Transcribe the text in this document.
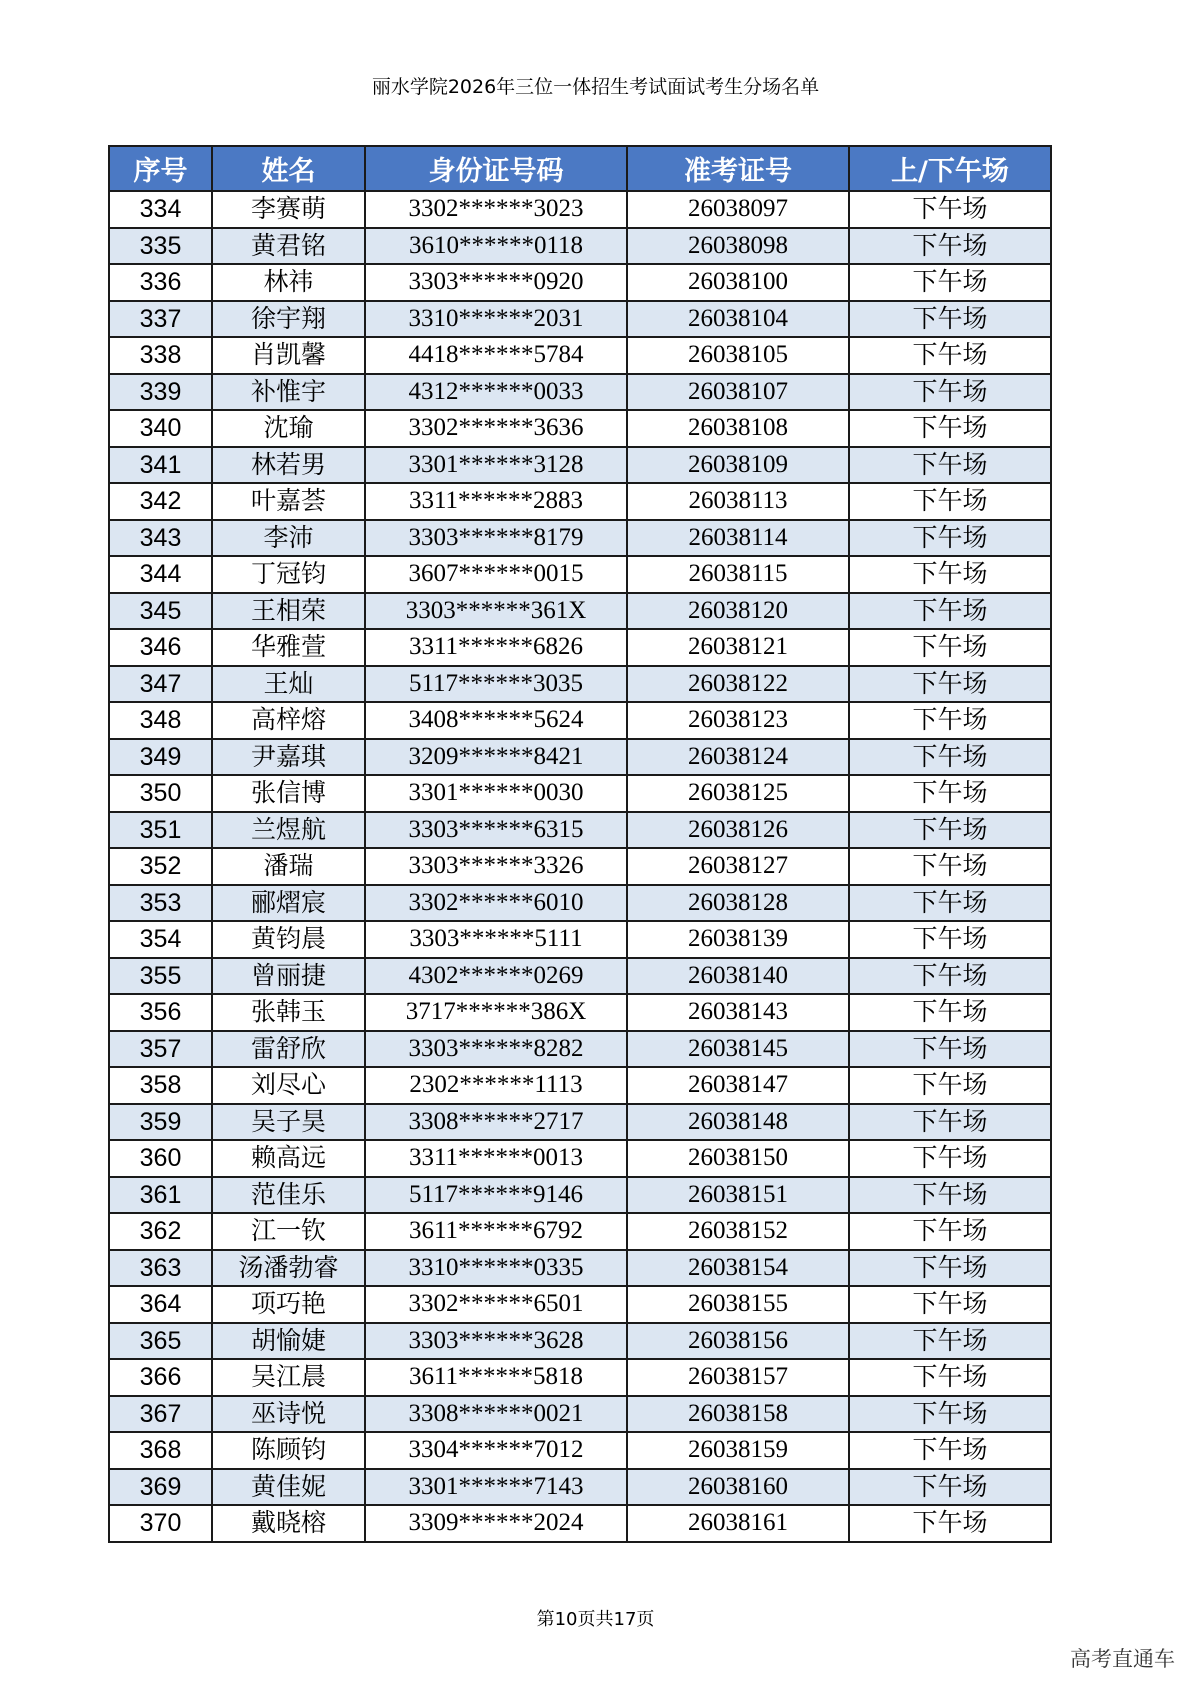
丽水学院2026年三位一体招生考试面试考生分场名单
序号	姓名	身份证号码	准考证号	上/下午场
334	李赛萌	3302******3023	26038097	下午场
335	黄君铭	3610******0118	26038098	下午场
336	林祎	3303******0920	26038100	下午场
337	徐宇翔	3310******2031	26038104	下午场
338	肖凯馨	4418******5784	26038105	下午场
339	补惟宇	4312******0033	26038107	下午场
340	沈瑜	3302******3636	26038108	下午场
341	林若男	3301******3128	26038109	下午场
342	叶嘉荟	3311******2883	26038113	下午场
343	李沛	3303******8179	26038114	下午场
344	丁冠钧	3607******0015	26038115	下午场
345	王相荣	3303******361X	26038120	下午场
346	华雅萱	3311******6826	26038121	下午场
347	王灿	5117******3035	26038122	下午场
348	高梓熔	3408******5624	26038123	下午场
349	尹嘉琪	3209******8421	26038124	下午场
350	张信博	3301******0030	26038125	下午场
351	兰煜航	3303******6315	26038126	下午场
352	潘瑞	3303******3326	26038127	下午场
353	郦熠宸	3302******6010	26038128	下午场
354	黄钧晨	3303******5111	26038139	下午场
355	曾丽捷	4302******0269	26038140	下午场
356	张韩玉	3717******386X	26038143	下午场
357	雷舒欣	3303******8282	26038145	下午场
358	刘尽心	2302******1113	26038147	下午场
359	吴子昊	3308******2717	26038148	下午场
360	赖高远	3311******0013	26038150	下午场
361	范佳乐	5117******9146	26038151	下午场
362	江一钦	3611******6792	26038152	下午场
363	汤潘勃睿	3310******0335	26038154	下午场
364	项巧艳	3302******6501	26038155	下午场
365	胡愉婕	3303******3628	26038156	下午场
366	吴江晨	3611******5818	26038157	下午场
367	巫诗悦	3308******0021	26038158	下午场
368	陈顾钧	3304******7012	26038159	下午场
369	黄佳妮	3301******7143	26038160	下午场
370	戴晓榕	3309******2024	26038161	下午场
第10页共17页
高考直通车
